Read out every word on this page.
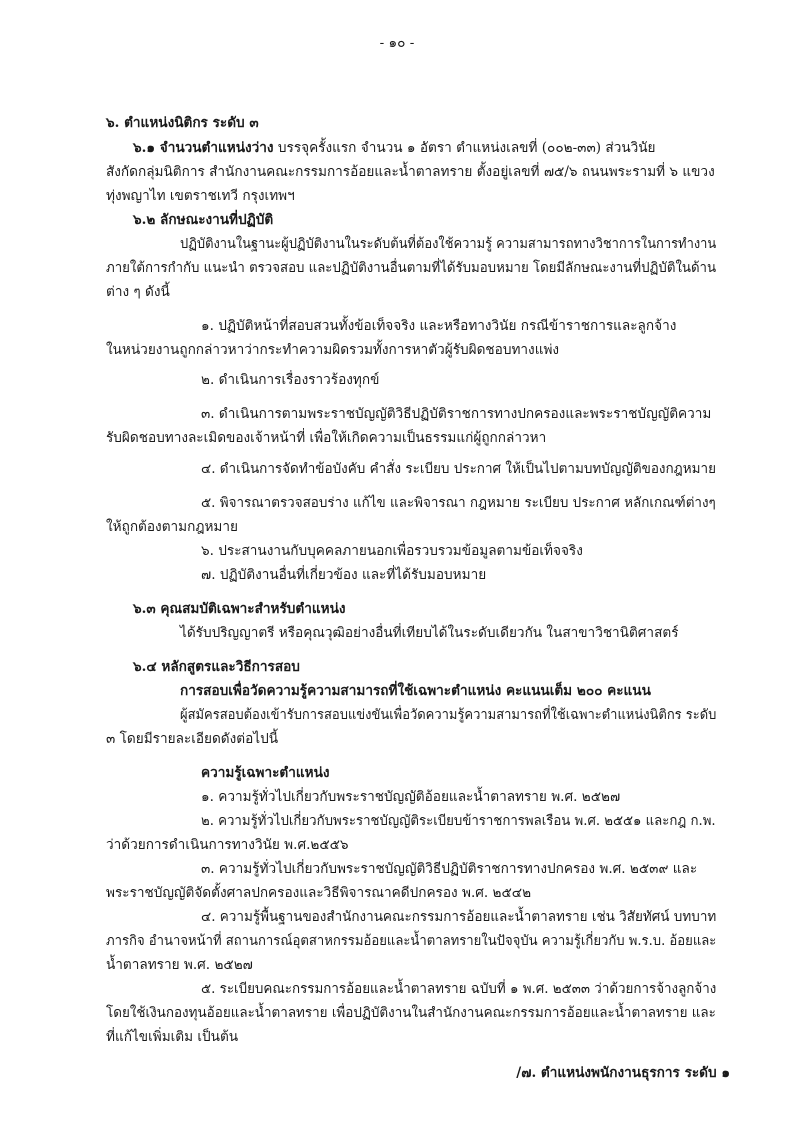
- ๑๐ -
๖. ตำแหน่งนิติกร ระดับ ๓
๖.๑ จำนวนตำแหน่งว่าง บรรจุครั้งแรก จำนวน ๑ อัตรา ตำแหน่งเลขที่ (๐๐๒-๓๓) ส่วนวินัย
สังกัดกลุ่มนิติการ สำนักงานคณะกรรมการอ้อยและน้ำตาลทราย ตั้งอยู่เลขที่ ๗๕/๖ ถนนพระรามที่ ๖ แขวง
ทุ่งพญาไท เขตราชเทวี กรุงเทพฯ
๖.๒ ลักษณะงานที่ปฏิบัติ
ปฏิบัติงานในฐานะผู้ปฏิบัติงานในระดับต้นที่ต้องใช้ความรู้ ความสามารถทางวิชาการในการทำงาน
ภายใต้การกำกับ แนะนำ ตรวจสอบ และปฏิบัติงานอื่นตามที่ได้รับมอบหมาย โดยมีลักษณะงานที่ปฏิบัติในด้าน
ต่าง ๆ ดังนี้
๑. ปฏิบัติหน้าที่สอบสวนทั้งข้อเท็จจริง และหรือทางวินัย กรณีข้าราชการและลูกจ้าง
ในหน่วยงานถูกกล่าวหาว่ากระทำความผิดรวมทั้งการหาตัวผู้รับผิดชอบทางแพ่ง
๒. ดำเนินการเรื่องราวร้องทุกข์
๓. ดำเนินการตามพระราชบัญญัติวิธีปฏิบัติราชการทางปกครองและพระราชบัญญัติความ
รับผิดชอบทางละเมิดของเจ้าหน้าที่ เพื่อให้เกิดความเป็นธรรมแก่ผู้ถูกกล่าวหา
๔. ดำเนินการจัดทำข้อบังคับ คำสั่ง ระเบียบ ประกาศ ให้เป็นไปตามบทบัญญัติของกฎหมาย
๕. พิจารณาตรวจสอบร่าง แก้ไข และพิจารณา กฎหมาย ระเบียบ ประกาศ หลักเกณฑ์ต่างๆ
ให้ถูกต้องตามกฎหมาย
๖. ประสานงานกับบุคคลภายนอกเพื่อรวบรวมข้อมูลตามข้อเท็จจริง
๗. ปฏิบัติงานอื่นที่เกี่ยวข้อง และที่ได้รับมอบหมาย
๖.๓ คุณสมบัติเฉพาะสำหรับตำแหน่ง
ได้รับปริญญาตรี หรือคุณวุฒิอย่างอื่นที่เทียบได้ในระดับเดียวกัน ในสาขาวิชานิติศาสตร์
๖.๔ หลักสูตรและวิธีการสอบ
การสอบเพื่อวัดความรู้ความสามารถที่ใช้เฉพาะตำแหน่ง คะแนนเต็ม ๒๐๐ คะแนน
ผู้สมัครสอบต้องเข้ารับการสอบแข่งขันเพื่อวัดความรู้ความสามารถที่ใช้เฉพาะตำแหน่งนิติกร ระดับ
๓ โดยมีรายละเอียดดังต่อไปนี้
ความรู้เฉพาะตำแหน่ง
๑. ความรู้ทั่วไปเกี่ยวกับพระราชบัญญัติอ้อยและน้ำตาลทราย พ.ศ. ๒๕๒๗
๒. ความรู้ทั่วไปเกี่ยวกับพระราชบัญญัติระเบียบข้าราชการพลเรือน พ.ศ. ๒๕๕๑ และกฎ ก.พ.
ว่าด้วยการดำเนินการทางวินัย พ.ศ.๒๕๕๖
๓. ความรู้ทั่วไปเกี่ยวกับพระราชบัญญัติวิธีปฏิบัติราชการทางปกครอง พ.ศ. ๒๕๓๙ และ
พระราชบัญญัติจัดตั้งศาลปกครองและวิธีพิจารณาคดีปกครอง พ.ศ. ๒๕๔๒
๔. ความรู้พื้นฐานของสำนักงานคณะกรรมการอ้อยและน้ำตาลทราย เช่น วิสัยทัศน์ บทบาท
ภารกิจ อำนาจหน้าที่ สถานการณ์อุตสาหกรรมอ้อยและน้ำตาลทรายในปัจจุบัน ความรู้เกี่ยวกับ พ.ร.บ. อ้อยและ
น้ำตาลทราย พ.ศ. ๒๕๒๗
๕. ระเบียบคณะกรรมการอ้อยและน้ำตาลทราย ฉบับที่ ๑ พ.ศ. ๒๕๓๓ ว่าด้วยการจ้างลูกจ้าง
โดยใช้เงินกองทุนอ้อยและน้ำตาลทราย เพื่อปฏิบัติงานในสำนักงานคณะกรรมการอ้อยและน้ำตาลทราย และ
ที่แก้ไขเพิ่มเติม เป็นต้น
/๗. ตำแหน่งพนักงานธุรการ ระดับ ๑
